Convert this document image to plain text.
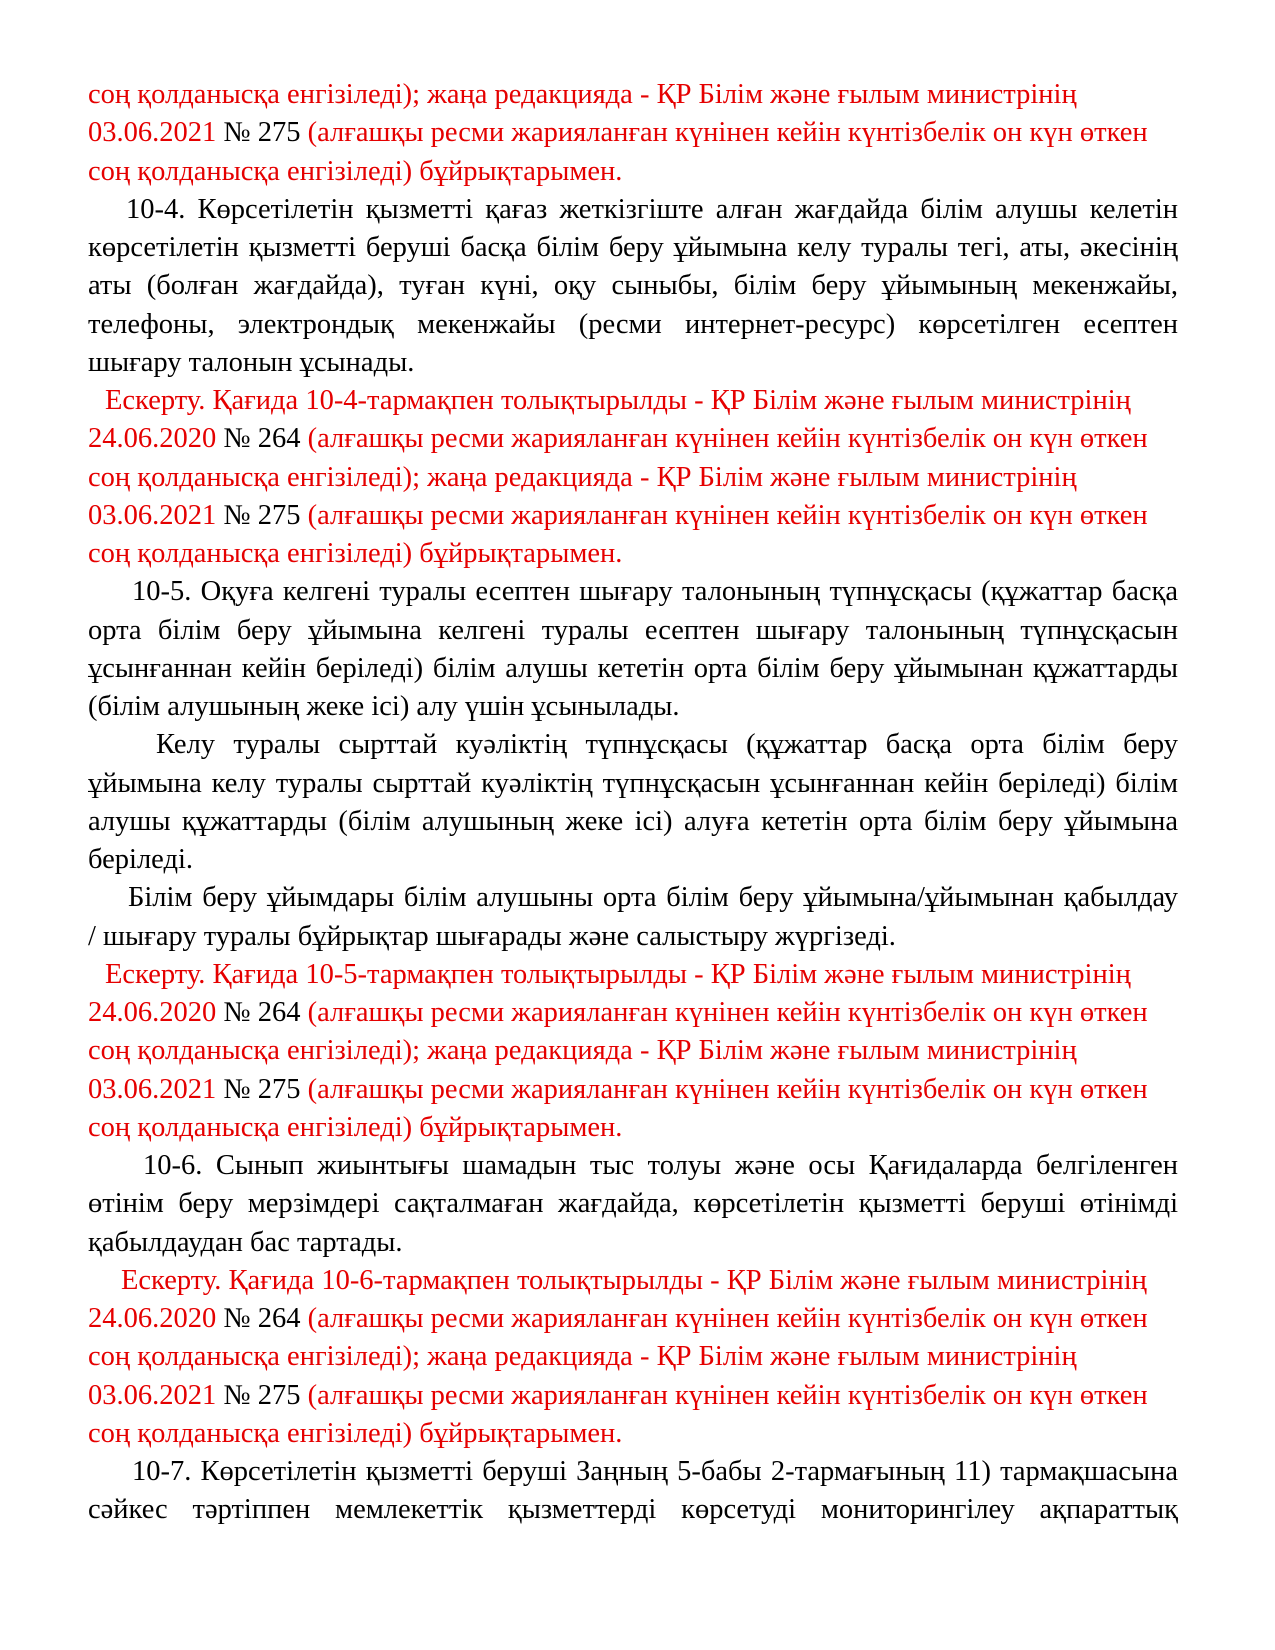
соң қолданысқа енгізіледі); жаңа редакцияда - ҚР Білім және ғылым министрінің
03.06.2021 № 275 (алғашқы ресми жарияланған күнінен кейін күнтізбелік он күн өткен
соң қолданысқа енгізіледі) бұйрықтарымен.
10-4. Көрсетілетін қызметті қағаз жеткізгіште алған жағдайда білім алушы келетін
көрсетілетін қызметті беруші басқа білім беру ұйымына келу туралы тегі, аты, әкесінің
аты (болған жағдайда), туған күні, оқу сыныбы, білім беру ұйымының мекенжайы,
телефоны, электрондық мекенжайы (ресми интернет-ресурс) көрсетілген есептен
шығару талонын ұсынады.
Ескерту. Қағида 10-4-тармақпен толықтырылды - ҚР Білім және ғылым министрінің
24.06.2020 № 264 (алғашқы ресми жарияланған күнінен кейін күнтізбелік он күн өткен
соң қолданысқа енгізіледі); жаңа редакцияда - ҚР Білім және ғылым министрінің
03.06.2021 № 275 (алғашқы ресми жарияланған күнінен кейін күнтізбелік он күн өткен
соң қолданысқа енгізіледі) бұйрықтарымен.
10-5. Оқуға келгені туралы есептен шығару талонының түпнұсқасы (құжаттар басқа
орта білім беру ұйымына келгені туралы есептен шығару талонының түпнұсқасын
ұсынғаннан кейін беріледі) білім алушы кететін орта білім беру ұйымынан құжаттарды
(білім алушының жеке ісі) алу үшін ұсынылады.
Келу туралы сырттай куәліктің түпнұсқасы (құжаттар басқа орта білім беру
ұйымына келу туралы сырттай куәліктің түпнұсқасын ұсынғаннан кейін беріледі) білім
алушы құжаттарды (білім алушының жеке ісі) алуға кететін орта білім беру ұйымына
беріледі.
Білім беру ұйымдары білім алушыны орта білім беру ұйымына/ұйымынан қабылдау
/ шығару туралы бұйрықтар шығарады және салыстыру жүргізеді.
Ескерту. Қағида 10-5-тармақпен толықтырылды - ҚР Білім және ғылым министрінің
24.06.2020 № 264 (алғашқы ресми жарияланған күнінен кейін күнтізбелік он күн өткен
соң қолданысқа енгізіледі); жаңа редакцияда - ҚР Білім және ғылым министрінің
03.06.2021 № 275 (алғашқы ресми жарияланған күнінен кейін күнтізбелік он күн өткен
соң қолданысқа енгізіледі) бұйрықтарымен.
10-6. Сынып жиынтығы шамадын тыс толуы және осы Қағидаларда белгіленген
өтінім беру мерзімдері сақталмаған жағдайда, көрсетілетін қызметті беруші өтінімді
қабылдаудан бас тартады.
Ескерту. Қағида 10-6-тармақпен толықтырылды - ҚР Білім және ғылым министрінің
24.06.2020 № 264 (алғашқы ресми жарияланған күнінен кейін күнтізбелік он күн өткен
соң қолданысқа енгізіледі); жаңа редакцияда - ҚР Білім және ғылым министрінің
03.06.2021 № 275 (алғашқы ресми жарияланған күнінен кейін күнтізбелік он күн өткен
соң қолданысқа енгізіледі) бұйрықтарымен.
10-7. Көрсетілетін қызметті беруші Заңның 5-бабы 2-тармағының 11) тармақшасына
сәйкес тәртіппен мемлекеттік қызметтерді көрсетуді мониторингілеу ақпараттық
